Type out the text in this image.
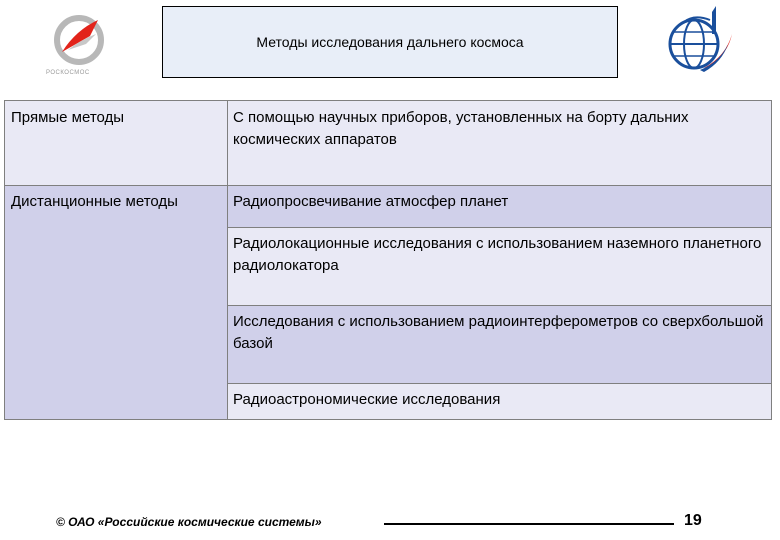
РОСКОСМОС
Методы исследования дальнего космоса
Прямые методы	С помощью научных приборов, установленных на борту дальних космических аппаратов
Дистанционные методы	Радиопросвечивание атмосфер планет
Радиолокационные исследования с использованием наземного планетного радиолокатора
Исследования с использованием радиоинтерферометров со сверхбольшой базой
Радиоастрономические исследования
© ОАО «Российские космические системы»	19
